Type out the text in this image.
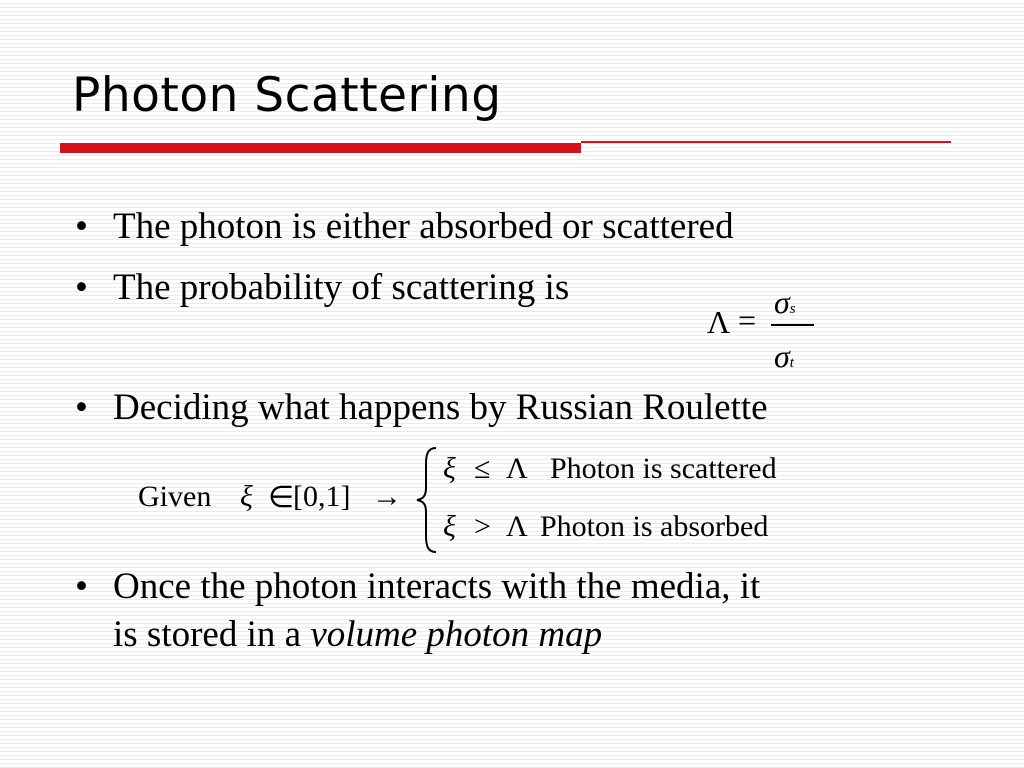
Photon Scattering
• The photon is either absorbed or scattered
• The probability of scattering is
Λ = σs
σt
• Deciding what happens by Russian Roulette
Given ξ ∈
[0,1] →
ξ ≤ Λ Photon is scattered
ξ > Λ Photon is absorbed
• Once the photon interacts with the media, it
is stored in a volume photon map
